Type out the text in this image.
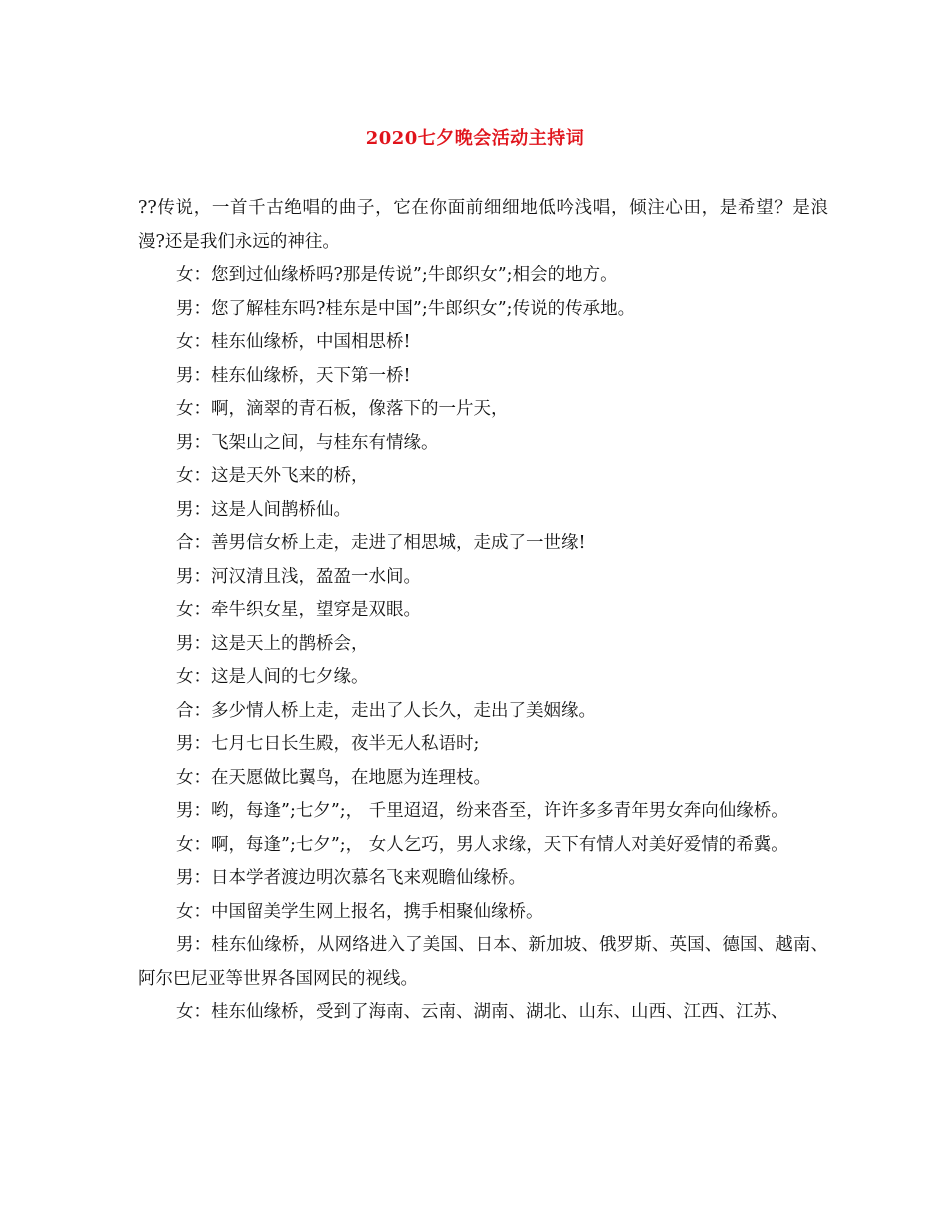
2020七夕晚会活动主持词

??传说，一首千古绝唱的曲子，它在你面前细细地低吟浅唱，倾注心田，是希望？是浪漫?还是我们永远的神往。

女：您到过仙缘桥吗?那是传说”;牛郎织女”;相会的地方。

男：您了解桂东吗?桂东是中国”;牛郎织女”;传说的传承地。

女：桂东仙缘桥，中国相思桥!

男：桂东仙缘桥，天下第一桥!

女：啊，滴翠的青石板，像落下的一片天，

男：飞架山之间，与桂东有情缘。

女：这是天外飞来的桥，

男：这是人间鹊桥仙。

合：善男信女桥上走，走进了相思城，走成了一世缘!

男：河汉清且浅，盈盈一水间。

女：牵牛织女星，望穿是双眼。

男：这是天上的鹊桥会，

女：这是人间的七夕缘。

合：多少情人桥上走，走出了人长久，走出了美姻缘。

男：七月七日长生殿，夜半无人私语时;

女：在天愿做比翼鸟，在地愿为连理枝。

男：哟，每逢”;七夕”;， 千里迢迢，纷来沓至，许许多多青年男女奔向仙缘桥。

女：啊，每逢”;七夕”;， 女人乞巧，男人求缘，天下有情人对美好爱情的希冀。

男：日本学者渡边明次慕名飞来观瞻仙缘桥。

女：中国留美学生网上报名，携手相聚仙缘桥。

男：桂东仙缘桥，从网络进入了美国、日本、新加坡、俄罗斯、英国、德国、越南、阿尔巴尼亚等世界各国网民的视线。

女：桂东仙缘桥，受到了海南、云南、湖南、湖北、山东、山西、江西、江苏、
